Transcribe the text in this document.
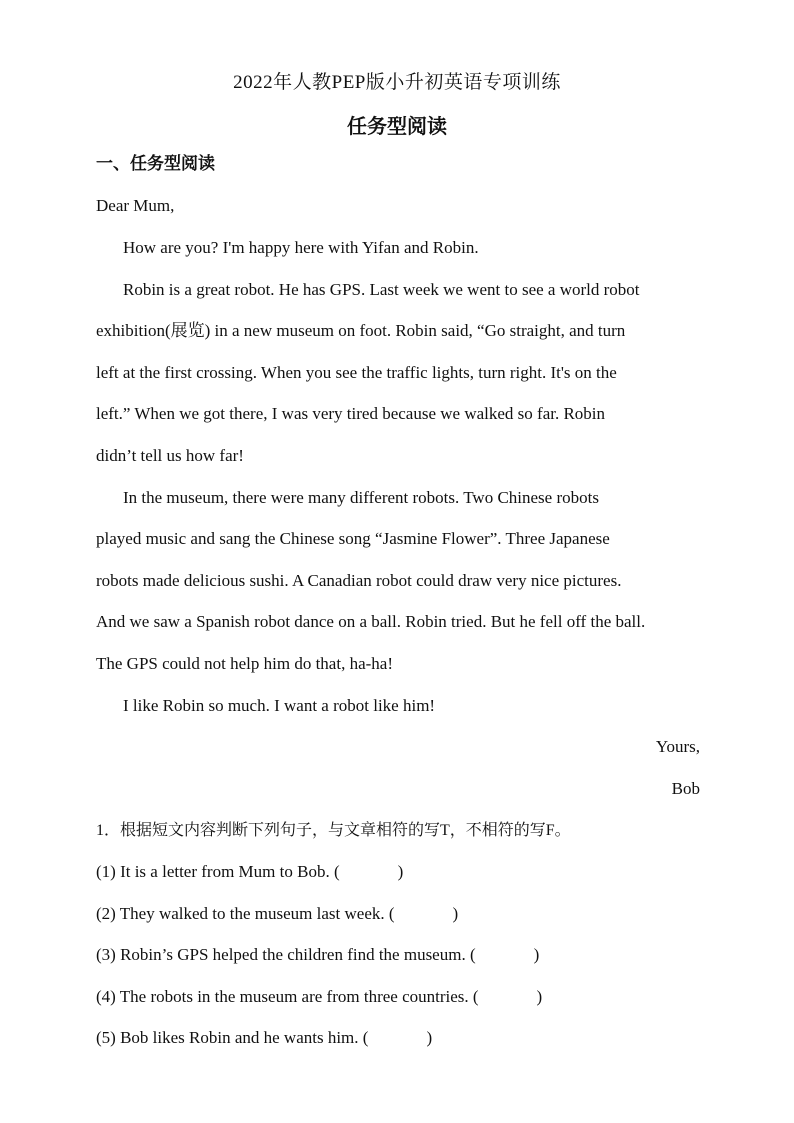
2022年人教PEP版小升初英语专项训练
任务型阅读
一、任务型阅读
Dear Mum,
How are you? I'm happy here with Yifan and Robin.
Robin is a great robot. He has GPS. Last week we went to see a world robot
exhibition(展览) in a new museum on foot. Robin said, “Go straight, and turn
left at the first crossing. When you see the traffic lights, turn right. It's on the
left.” When we got there, I was very tired because we walked so far. Robin
didn’t tell us how far!
In the museum, there were many different robots. Two Chinese robots
played music and sang the Chinese song “Jasmine Flower”. Three Japanese
robots made delicious sushi. A Canadian robot could draw very nice pictures.
And we saw a Spanish robot dance on a ball. Robin tried. But he fell off the ball.
The GPS could not help him do that, ha-ha!
I like Robin so much. I want a robot like him!
Yours,
Bob
1．根据短文内容判断下列句子，与文章相符的写T，不相符的写F。
(1) It is a letter from Mum to Bob. (	)
(2) They walked to the museum last week. (	)
(3) Robin’s GPS helped the children find the museum. (	)
(4) The robots in the museum are from three countries. (	)
(5) Bob likes Robin and he wants him. (	)
